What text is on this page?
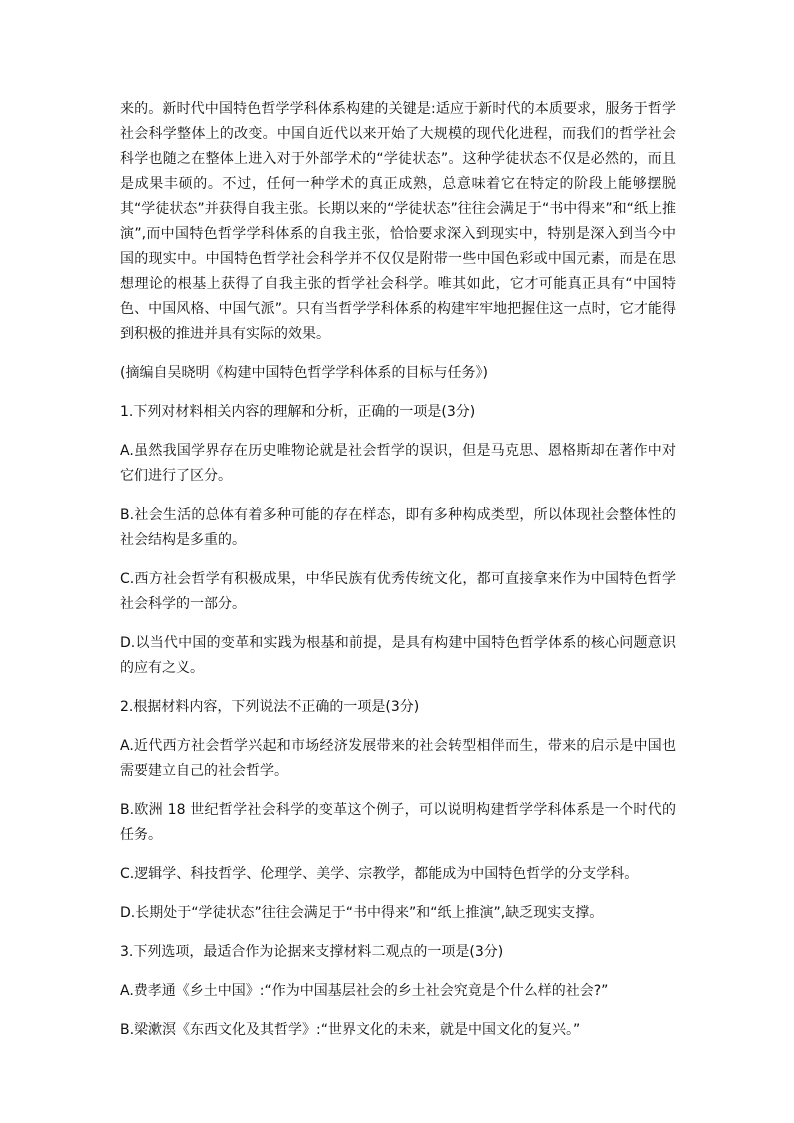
来的。新时代中国特色哲学学科体系构建的关键是:适应于新时代的本质要求，服务于哲学社会科学整体上的改变。中国自近代以来开始了大规模的现代化进程，而我们的哲学社会科学也随之在整体上进入对于外部学术的“学徒状态”。这种学徒状态不仅是必然的，而且是成果丰硕的。不过，任何一种学术的真正成熟，总意味着它在特定的阶段上能够摆脱其“学徒状态”并获得自我主张。长期以来的“学徒状态”往往会满足于“书中得来”和“纸上推演”,而中国特色哲学学科体系的自我主张，恰恰要求深入到现实中，特别是深入到当今中国的现实中。中国特色哲学社会科学并不仅仅是附带一些中国色彩或中国元素，而是在思想理论的根基上获得了自我主张的哲学社会科学。唯其如此，它才可能真正具有“中国特色、中国风格、中国气派”。只有当哲学学科体系的构建牢牢地把握住这一点时，它才能得到积极的推进并具有实际的效果。

(摘编自吴晓明《构建中国特色哲学学科体系的目标与任务》)

1.下列对材料相关内容的理解和分析，正确的一项是(3分)

A.虽然我国学界存在历史唯物论就是社会哲学的误识，但是马克思、恩格斯却在著作中对它们进行了区分。

B.社会生活的总体有着多种可能的存在样态，即有多种构成类型，所以体现社会整体性的社会结构是多重的。

C.西方社会哲学有积极成果，中华民族有优秀传统文化，都可直接拿来作为中国特色哲学社会科学的一部分。

D.以当代中国的变革和实践为根基和前提，是具有构建中国特色哲学体系的核心问题意识的应有之义。

2.根据材料内容，下列说法不正确的一项是(3分)

A.近代西方社会哲学兴起和市场经济发展带来的社会转型相伴而生，带来的启示是中国也需要建立自己的社会哲学。

B.欧洲 18 世纪哲学社会科学的变革这个例子，可以说明构建哲学学科体系是一个时代的任务。

C.逻辑学、科技哲学、伦理学、美学、宗教学，都能成为中国特色哲学的分支学科。

D.长期处于“学徒状态”往往会满足于“书中得来”和“纸上推演”,缺乏现实支撑。

3.下列选项，最适合作为论据来支撑材料二观点的一项是(3分)

A.费孝通《乡土中国》:“作为中国基层社会的乡土社会究竟是个什么样的社会?”

B.梁漱溟《东西文化及其哲学》:“世界文化的未来，就是中国文化的复兴。”
